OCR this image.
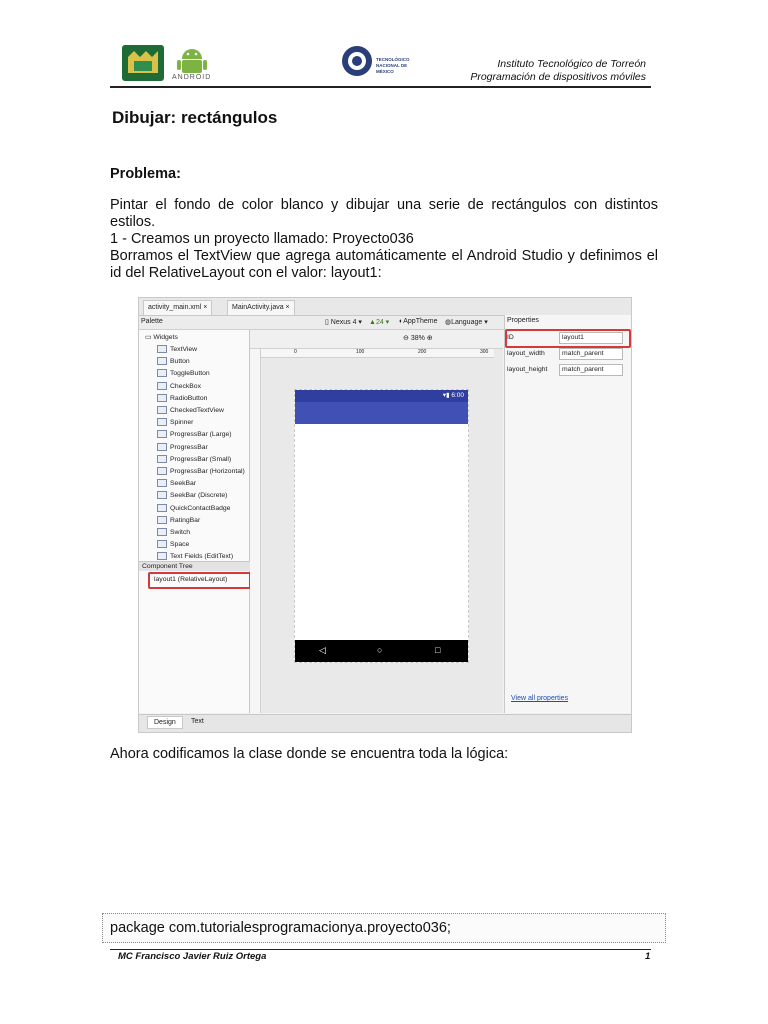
ANDROID
TECNOLÓGICO NACIONAL DE MÉXICO
Instituto Tecnológico de Torreón
Programación de dispositivos móviles
Dibujar: rectángulos
Problema:

Pintar el fondo de color blanco y dibujar una serie de rectángulos con distintos estilos.

1 - Creamos un proyecto llamado: Proyecto036

Borramos el TextView que agrega automáticamente el Android Studio y definimos el id del RelativeLayout con el valor: layout1:

activity_main.xml ×	MainActivity.java ×
Palette	▯ Nexus 4 ▾ ▲24 ▾ ◐AppTheme ◍Language ▾
▭ Widgets
TextView
Button
ToggleButton
CheckBox
RadioButton
CheckedTextView
Spinner
ProgressBar (Large)
ProgressBar
ProgressBar (Small)
ProgressBar (Horizontal)
SeekBar
SeekBar (Discrete)
QuickContactBadge
RatingBar
Switch
Space
Text Fields (EditText)
Component Tree
layout1 (RelativeLayout)
⊖ 38% ⊕
0	100	200	300
▾▮ 6:00
◁	○	□
Properties
ID	layout1
layout_width	match_parent
layout_height	match_parent
View all properties
Design	Text

Ahora codificamos la clase donde se encuentra toda la lógica:

package com.tutorialesprogramacionya.proyecto036;
MC Francisco Javier Ruiz Ortega	1
